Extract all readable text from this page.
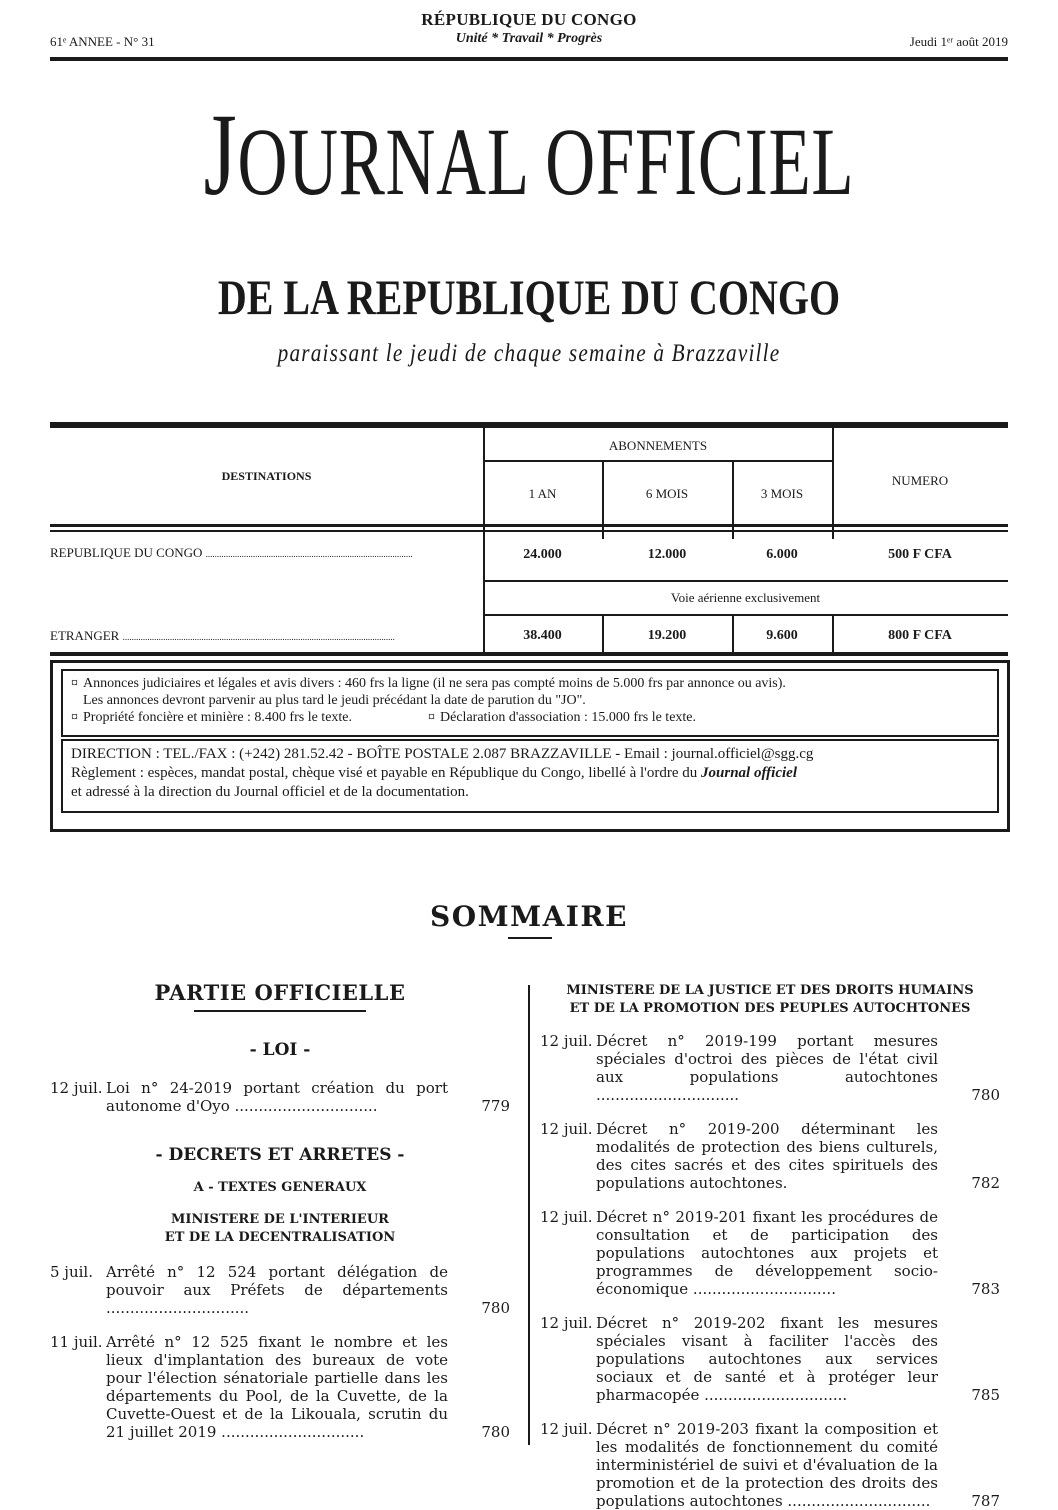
RÉPUBLIQUE DU CONGO
Unité * Travail * Progrès
61ᵉ ANNEE - N° 31	Jeudi 1ᵉʳ août 2019
JOURNAL OFFICIEL
DE LA REPUBLIQUE DU CONGO
paraissant le jeudi de chaque semaine à Brazzaville
DESTINATIONS
ABONNEMENTS
NUMERO
1 AN	6 MOIS	3 MOIS
REPUBLIQUE DU CONGO ............................................................................................	24.000	12.000	6.000	500 F CFA
Voie aérienne exclusivement
ETRANGER .........................................................................................................................	38.400	19.200	9.600	800 F CFA
¤ Annonces judiciaires et légales et avis divers : 460 frs la ligne (il ne sera pas compté moins de 5.000 frs par annonce ou avis).
Les annonces devront parvenir au plus tard le jeudi précédant la date de parution du "JO".
¤ Propriété foncière et minière : 8.400 frs le texte.	¤ Déclaration d'association : 15.000 frs le texte.
DIRECTION : TEL./FAX : (+242) 281.52.42 - BOÎTE POSTALE 2.087 BRAZZAVILLE - Email : journal.officiel@sgg.cg
Règlement : espèces, mandat postal, chèque visé et payable en République du Congo, libellé à l'ordre du Journal officiel
et adressé à la direction du Journal officiel et de la documentation.
SOMMAIRE
PARTIE OFFICIELLE
- LOI -
12 juil. Loi n° 24-2019 portant création du port autonome d'Oyo ..............................	779
- DECRETS ET ARRETES -
A - TEXTES GENERAUX
MINISTERE DE L'INTERIEUR
ET DE LA DECENTRALISATION
5 juil. Arrêté n° 12 524 portant délégation de pouvoir aux Préfets de départements ..............................	780
11 juil. Arrêté n° 12 525 fixant le nombre et les lieux d'implantation des bureaux de vote pour l'élection sénatoriale partielle dans les départements du Pool, de la Cuvette, de la Cuvette-Ouest et de la Likouala, scrutin du 21 juillet 2019 ..............................	780
MINISTERE DE LA JUSTICE ET DES DROITS HUMAINS
ET DE LA PROMOTION DES PEUPLES AUTOCHTONES
12 juil. Décret n° 2019-199 portant mesures spéciales d'octroi des pièces de l'état civil aux populations autochtones ..............................	780
12 juil. Décret n° 2019-200 déterminant les modalités de protection des biens culturels, des cites sacrés et des cites spirituels des populations autochtones.	782
12 juil. Décret n° 2019-201 fixant les procédures de consultation et de participation des populations autochtones aux projets et programmes de développement socio-économique ..............................	783
12 juil. Décret n° 2019-202 fixant les mesures spéciales visant à faciliter l'accès des populations autochtones aux services sociaux et de santé et à protéger leur pharmacopée ..............................	785
12 juil. Décret n° 2019-203 fixant la composition et les modalités de fonctionnement du comité interministériel de suivi et d'évaluation de la promotion et de la protection des droits des populations autochtones ..............................	787
